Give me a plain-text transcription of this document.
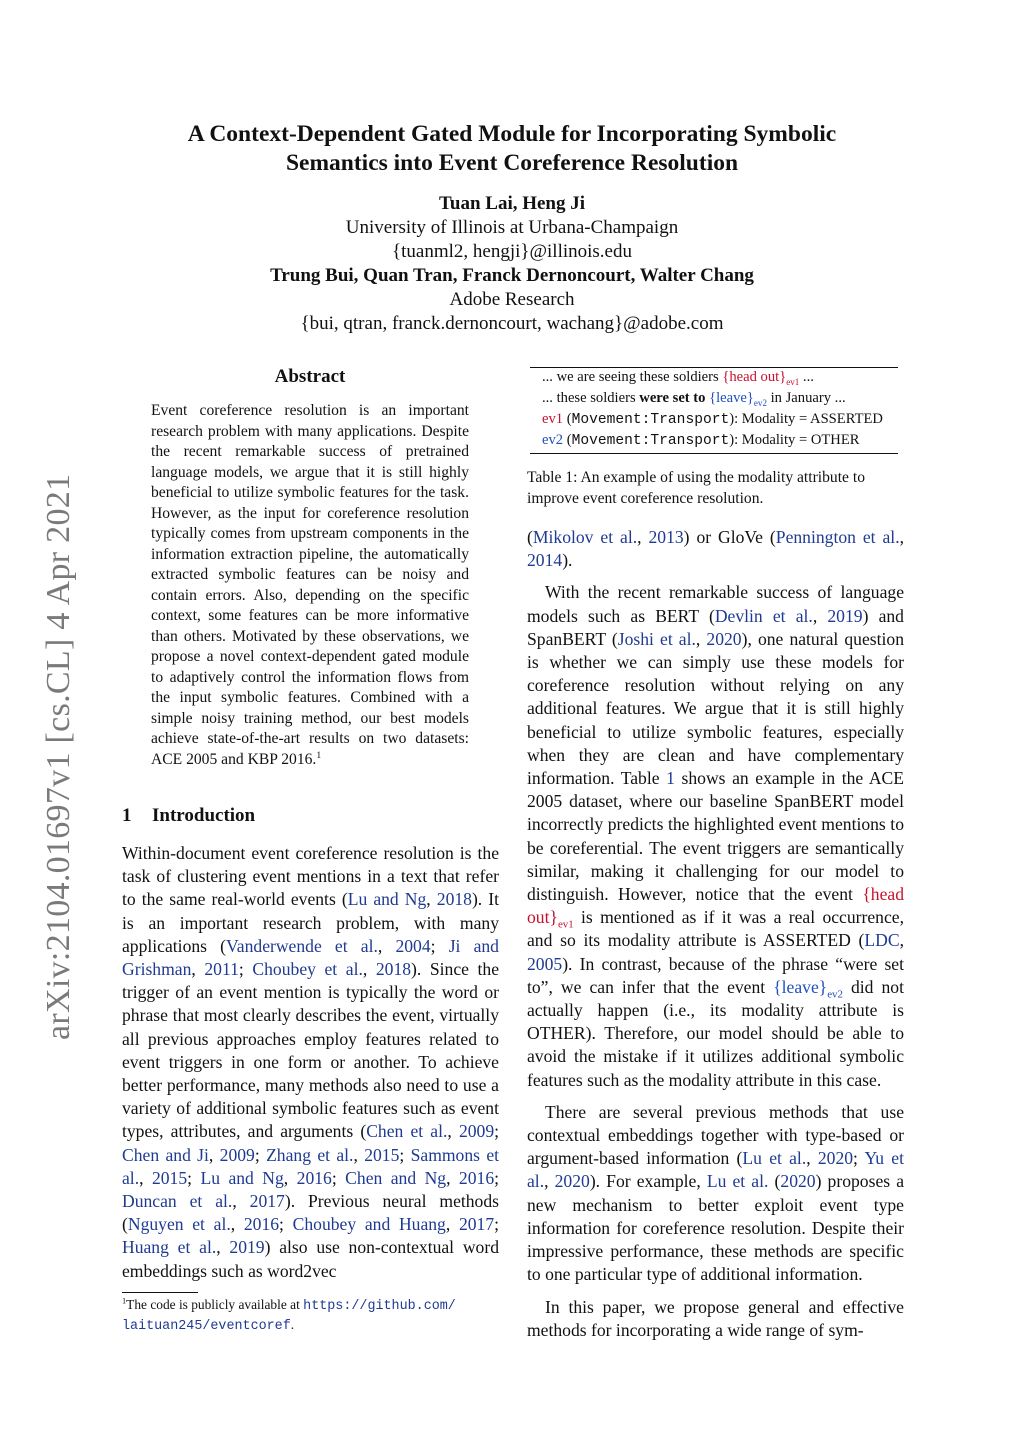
arXiv:2104.01697v1 [cs.CL] 4 Apr 2021
A Context-Dependent Gated Module for Incorporating Symbolic
Semantics into Event Coreference Resolution
Tuan Lai, Heng Ji
University of Illinois at Urbana-Champaign
{tuanml2, hengji}@illinois.edu
Trung Bui, Quan Tran, Franck Dernoncourt, Walter Chang
Adobe Research
{bui, qtran, franck.dernoncourt, wachang}@adobe.com
Abstract
Event coreference resolution is an important research problem with many applications. Despite the recent remarkable success of pretrained language models, we argue that it is still highly beneficial to utilize symbolic features for the task. However, as the input for coreference resolution typically comes from upstream components in the information extraction pipeline, the automatically extracted symbolic features can be noisy and contain errors. Also, depending on the specific context, some features can be more informative than others. Motivated by these observations, we propose a novel context-dependent gated module to adaptively control the information flows from the input symbolic features. Combined with a simple noisy training method, our best models achieve state-of-the-art results on two datasets: ACE 2005 and KBP 2016.$^1$
1 Introduction

Within-document event coreference resolution is the task of clustering event mentions in a text that refer to the same real-world events (Lu and Ng, 2018). It is an important research problem, with many applications (Vanderwende et al., 2004; Ji and Grishman, 2011; Choubey et al., 2018). Since the trigger of an event mention is typically the word or phrase that most clearly describes the event, virtually all previous approaches employ features related to event triggers in one form or another. To achieve better performance, many methods also need to use a variety of additional symbolic features such as event types, attributes, and arguments (Chen et al., 2009; Chen and Ji, 2009; Zhang et al., 2015; Sammons et al., 2015; Lu and Ng, 2016; Chen and Ng, 2016; Duncan et al., 2017). Previous neural methods (Nguyen et al., 2016; Choubey and Huang, 2017; Huang et al., 2019) also use non-contextual word embeddings such as word2vec

$^1$The code is publicly available at https://github.com/
laituan245/eventcoref.
... we are seeing these soldiers {head $out\}_{ev1}$ ...
... these soldiers were set to $\{leave\}_{ev2}$ in January ...
ev1 (Movement:Transport): Modality = ASSERTED
ev2 (Movement:Transport): Modality = OTHER
Table 1: An example of using the modality attribute to improve event coreference resolution.

(Mikolov et al., 2013) or GloVe (Pennington et al., 2014).

With the recent remarkable success of language models such as BERT (Devlin et al., 2019) and SpanBERT (Joshi et al., 2020), one natural question is whether we can simply use these models for coreference resolution without relying on any additional features. We argue that it is still highly beneficial to utilize symbolic features, especially when they are clean and have complementary information. Table 1 shows an example in the ACE 2005 dataset, where our baseline SpanBERT model incorrectly predicts the highlighted event mentions to be coreferential. The event triggers are semantically similar, making it challenging for our model to distinguish. However, notice that the event {head $out\}_{ev1}$ is mentioned as if it was a real occurrence, and so its modality attribute is ASSERTED (LDC, 2005). In contrast, because of the phrase “were set to”, we can infer that the event $\{leave\}_{ev2}$ did not actually happen (i.e., its modality attribute is OTHER). Therefore, our model should be able to avoid the mistake if it utilizes additional symbolic features such as the modality attribute in this case.

There are several previous methods that use contextual embeddings together with type-based or argument-based information (Lu et al., 2020; Yu et al., 2020). For example, Lu et al. (2020) proposes a new mechanism to better exploit event type information for coreference resolution. Despite their impressive performance, these methods are specific to one particular type of additional information.

In this paper, we propose general and effective methods for incorporating a wide range of sym-
